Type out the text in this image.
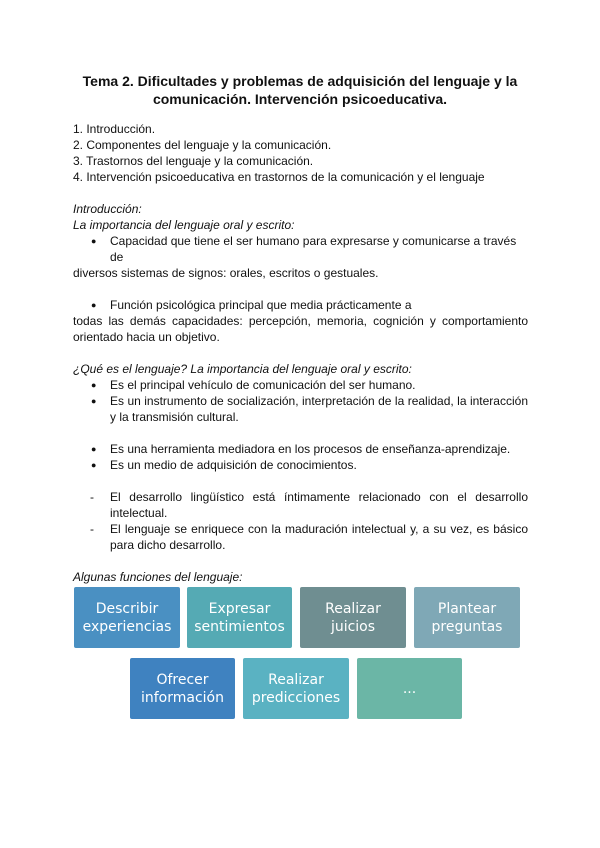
Tema 2. Dificultades y problemas de adquisición del lenguaje y la
comunicación. Intervención psicoeducativa.
1. Introducción.
2. Componentes del lenguaje y la comunicación.
3. Trastornos del lenguaje y la comunicación.
4. Intervención psicoeducativa en trastornos de la comunicación y el lenguaje
Introducción:
La importancia del lenguaje oral y escrito:
● Capacidad que tiene el ser humano para expresarse y comunicarse a través
de
diversos sistemas de signos: orales, escritos o gestuales.
● Función psicológica principal que media prácticamente a
todas las demás capacidades: percepción, memoria, cognición y comportamiento orientado hacia un objetivo.
¿Qué es el lenguaje? La importancia del lenguaje oral y escrito:
● Es el principal vehículo de comunicación del ser humano.
● Es un instrumento de socialización, interpretación de la realidad, la interacción y la transmisión cultural.
● Es una herramienta mediadora en los procesos de enseñanza-aprendizaje.
● Es un medio de adquisición de conocimientos.
- El desarrollo lingüístico está íntimamente relacionado con el desarrollo intelectual.
- El lenguaje se enriquece con la maduración intelectual y, a su vez, es básico para dicho desarrollo.
Algunas funciones del lenguaje:
Describir
experiencias
Expresar
sentimientos
Realizar
juicios
Plantear
preguntas
Ofrecer
información
Realizar
predicciones
...
